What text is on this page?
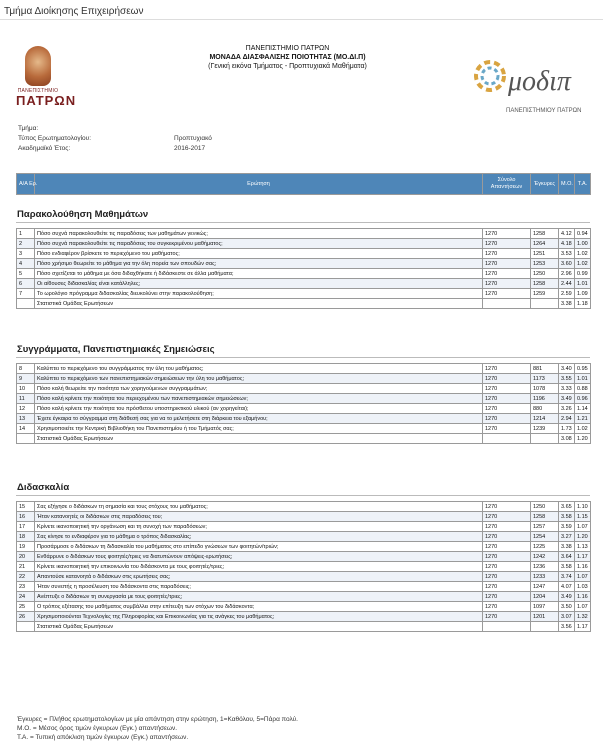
Τμήμα Διοίκησης Επιχειρήσεων
ΠΑΝΕΠΙΣΤΗΜΙΟ
ΠΑΤΡΩΝ
ΠΑΝΕΠΙΣΤΗΜΙΟ ΠΑΤΡΩΝ
ΜΟΝΑΔΑ ΔΙΑΣΦΑΛΙΣΗΣ ΠΟΙΟΤΗΤΑΣ (ΜΟ.ΔΙ.Π)
(Γενική εικόνα Τμήματος - Προπτυχιακά Μαθήματα)	μοδιπ
ΠΑΝΕΠΙΣΤΗΜΙΟΥ ΠΑΤΡΩΝ
Τμήμα:
Τύπος Ερωτηματολογίου:	Προπτυχιακό
Ακαδημαϊκό Έτος:	2016-2017
Α/Α Ερ.	Ερώτηση	Σύνολο Απαντήσεων	Έγκυρες	Μ.Ο.	Τ.Α.
Παρακολούθηση Μαθημάτων
1	Πόσο συχνά παρακολουθείτε τις παραδόσεις των μαθημάτων γενικώς;	1270	1258	4.12	0.94
2	Πόσο συχνά παρακολουθείτε τις παραδόσεις του συγκεκριμένου μαθήματος;	1270	1264	4.18	1.00
3	Πόσο ενδιαφέρον βρίσκετε το περιεχόμενο του μαθήματος;	1270	1251	3.53	1.02
4	Πόσο χρήσιμο θεωρείτε το μάθημα για την όλη πορεία των σπουδών σας;	1270	1253	3.60	1.02
5	Πόσο σχετίζεται το μάθημα με όσα διδαχθήκατε ή διδάσκεστε σε άλλα μαθήματα;	1270	1250	2.96	0.99
6	Οι αίθουσες διδασκαλίας είναι κατάλληλες;	1270	1258	2.44	1.01
7	Το ωρολόγιο πρόγραμμα διδασκαλίας διευκολύνει στην παρακολούθηση;	1270	1259	2.59	1.09
	Στατιστικά Ομάδας Ερωτήσεων			3.38	1.18
Συγγράμματα, Πανεπιστημιακές Σημειώσεις
8	Καλύπτει το περιεχόμενο του συγγράμματος την ύλη του μαθήματος;	1270	881	3.40	0.95
9	Καλύπτει το περιεχόμενο των πανεπιστημιακών σημειώσεων την ύλη του μαθήματος;	1270	1173	3.55	1.01
10	Πόσο καλή θεωρείτε την ποιότητα των χορηγούμενων συγγραμμάτων;	1270	1078	3.33	0.88
11	Πόσο καλή κρίνετε την ποιότητα του περιεχομένου των πανεπιστημιακών σημειώσεων;	1270	1196	3.49	0.96
12	Πόσο καλή κρίνετε την ποιότητα του πρόσθετου υποστηρικτικού υλικού (αν χορηγείται);	1270	880	3.26	1.14
13	Έχετε έγκαιρα το σύγγραμμα στη διάθεσή σας για να το μελετήσετε στη διάρκεια του εξαμήνου;	1270	1214	2.94	1.21
14	Χρησιμοποιείτε την Κεντρική Βιβλιοθήκη του Πανεπιστημίου ή του Τμήματός σας;	1270	1239	1.73	1.02
	Στατιστικά Ομάδας Ερωτήσεων			3.08	1.20
Διδασκαλία
15	Σας εξήγησε ο διδάσκων τη σημασία και τους στόχους του μαθήματος;	1270	1250	3.65	1.10
16	Ήταν κατανοητές οι διδάσκων στις παραδόσεις του;	1270	1258	3.58	1.15
17	Κρίνετε ικανοποιητική την οργάνωση και τη συνοχή των παραδόσεων;	1270	1257	3.59	1.07
18	Σας κίνησε το ενδιαφέρον για το μάθημα ο τρόπος διδασκαλίας;	1270	1254	3.27	1.20
19	Προσάρμοσε ο διδάσκων τη διδασκαλία του μαθήματος στο επίπεδο γνώσεων των φοιτητών/τριών;	1270	1225	3.38	1.13
20	Ενθάρρυνε ο διδάσκων τους φοιτητές/τριες να διατυπώνουν απόψεις-ερωτήσεις;	1270	1242	3.64	1.17
21	Κρίνετε ικανοποιητική την επικοινωνία του διδάσκοντα με τους φοιτητές/τριες;	1270	1236	3.58	1.16
22	Απαντούσε κατανοητά ο διδάσκων στις ερωτήσεις σας;	1270	1233	3.74	1.07
23	Ήταν συνεπής η προσέλευση του διδάσκοντα στις παραδόσεις;	1270	1247	4.07	1.03
24	Ανέπτυξε ο διδάσκων τη συνεργασία με τους φοιτητές/τριες;	1270	1204	3.49	1.16
25	Ο τρόπος εξέτασης του μαθήματος συμβάλλει στην επίτευξη των στόχων του διδάσκοντα;	1270	1097	3.50	1.07
26	Χρησιμοποιούνται Τεχνολογίες της Πληροφορίας και Επικοινωνίας για τις ανάγκες του μαθήματος;	1270	1201	3.07	1.32
	Στατιστικά Ομάδας Ερωτήσεων			3.56	1.17
Έγκυρες = Πλήθος ερωτηματολογίων με μία απάντηση στην ερώτηση, 1=Καθόλου, 5=Πάρα πολύ.
Μ.Ο. = Μέσος όρος τιμών έγκυρων (Εγκ.) απαντήσεων.
Τ.Α. = Τυπική απόκλιση τιμών έγκυρων (Εγκ.) απαντήσεων.
